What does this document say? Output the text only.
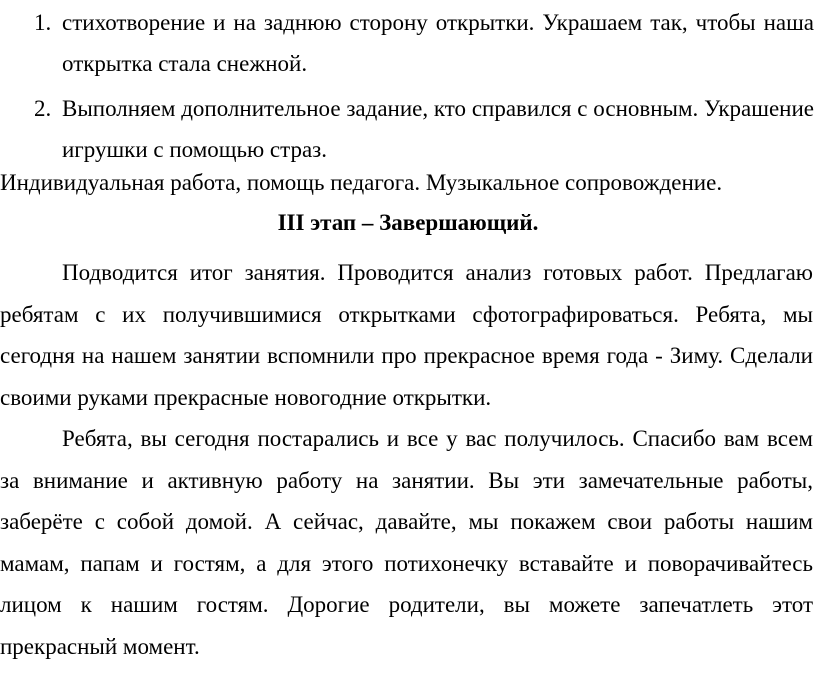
1. стихотворение и на заднюю сторону открытки. Украшаем так, чтобы наша открытка стала снежной.
2. Выполняем дополнительное задание, кто справился с основным. Украшение игрушки с помощью страз.
Индивидуальная работа, помощь педагога. Музыкальное сопровождение.
III этап – Завершающий.
Подводится итог занятия. Проводится анализ готовых работ. Предлагаю ребятам с их получившимися открытками сфотографироваться. Ребята, мы сегодня на нашем занятии вспомнили про прекрасное время года - Зиму. Сделали своими руками прекрасные новогодние открытки.
Ребята, вы сегодня постарались и все у вас получилось. Спасибо вам всем за внимание и активную работу на занятии. Вы эти замечательные работы, заберёте с собой домой. А сейчас, давайте, мы покажем свои работы нашим мамам, папам и гостям, а для этого потихонечку вставайте и поворачивайтесь лицом к нашим гостям. Дорогие родители, вы можете запечатлеть этот прекрасный момент.
